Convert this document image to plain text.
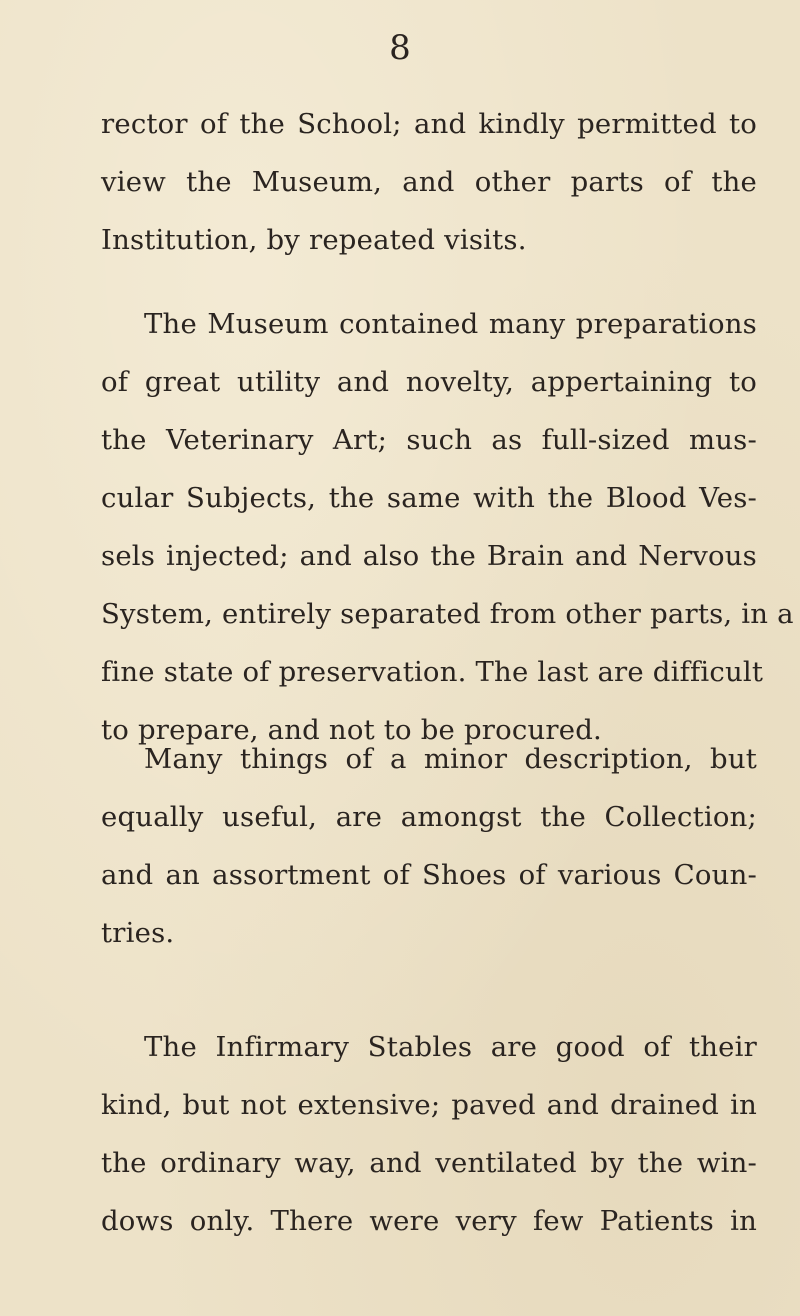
8
rector of the School; and kindly permitted to
view the Museum, and other parts of the
Institution, by repeated visits.
The Museum contained many preparations
of great utility and novelty, appertaining to
the Veterinary Art; such as full-sized mus-
cular Subjects, the same with the Blood Ves-
sels injected; and also the Brain and Nervous
System, entirely separated from other parts, in a
fine state of preservation. The last are difficult
to prepare, and not to be procured.
Many things of a minor description, but
equally useful, are amongst the Collection;
and an assortment of Shoes of various Coun-
tries.
The Infirmary Stables are good of their
kind, but not extensive; paved and drained in
the ordinary way, and ventilated by the win-
dows only. There were very few Patients in
